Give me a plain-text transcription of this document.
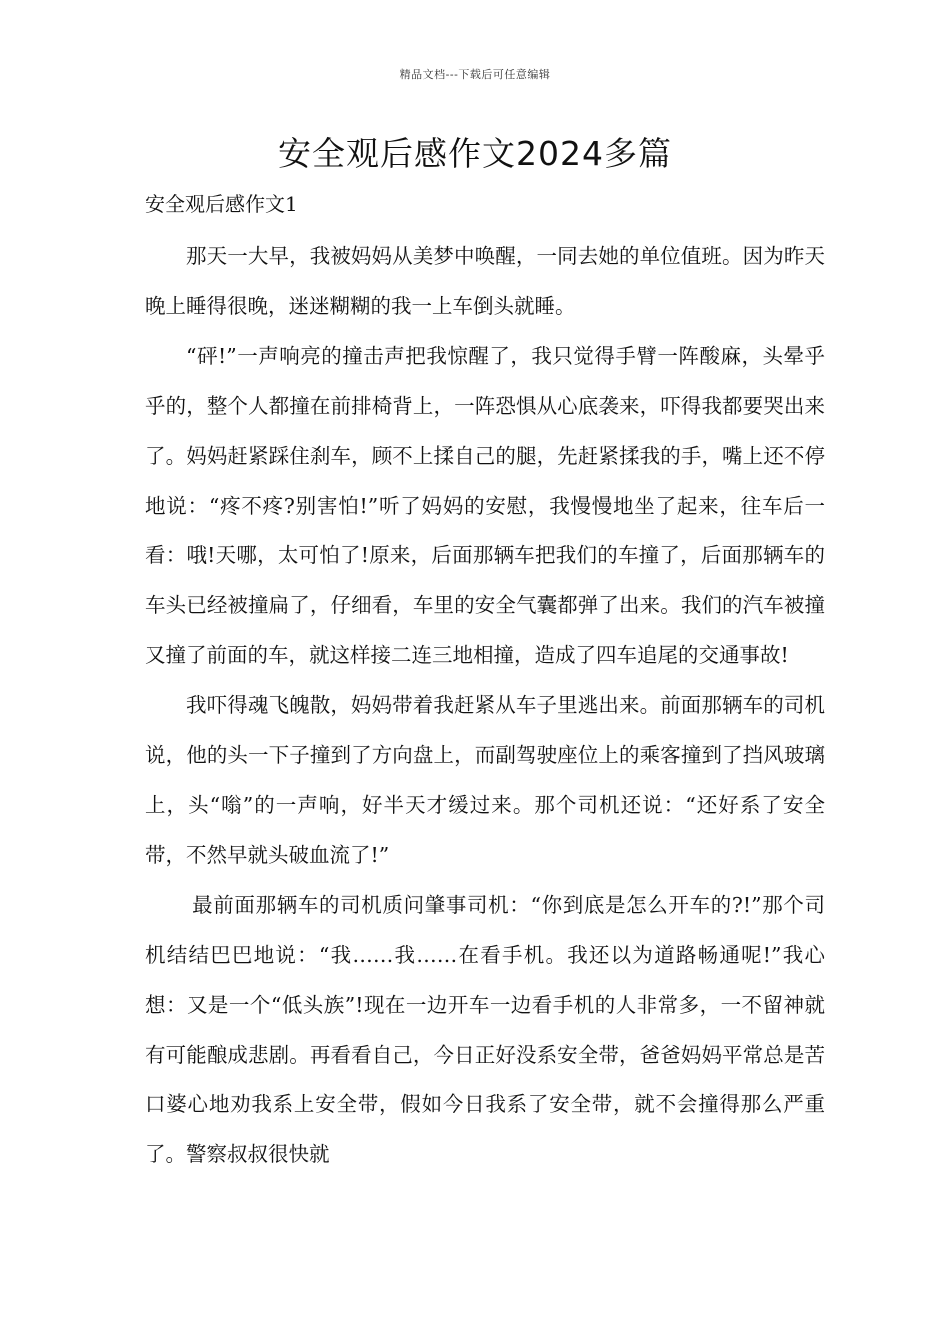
精品文档---下载后可任意编辑
安全观后感作文2024多篇
安全观后感作文1

那天一大早，我被妈妈从美梦中唤醒，一同去她的单位值班。因为昨天晚上睡得很晚，迷迷糊糊的我一上车倒头就睡。

“砰!”一声响亮的撞击声把我惊醒了，我只觉得手臂一阵酸麻，头晕乎乎的，整个人都撞在前排椅背上，一阵恐惧从心底袭来，吓得我都要哭出来了。妈妈赶紧踩住刹车，顾不上揉自己的腿，先赶紧揉我的手，嘴上还不停地说：“疼不疼?别害怕!”听了妈妈的安慰，我慢慢地坐了起来，往车后一看：哦!天哪，太可怕了!原来，后面那辆车把我们的车撞了，后面那辆车的车头已经被撞扁了，仔细看，车里的安全气囊都弹了出来。我们的汽车被撞又撞了前面的车，就这样接二连三地相撞，造成了四车追尾的交通事故!

我吓得魂飞魄散，妈妈带着我赶紧从车子里逃出来。前面那辆车的司机说，他的头一下子撞到了方向盘上，而副驾驶座位上的乘客撞到了挡风玻璃上，头“嗡”的一声响，好半天才缓过来。那个司机还说：“还好系了安全带，不然早就头破血流了!”

最前面那辆车的司机质问肇事司机：“你到底是怎么开车的?!”那个司机结结巴巴地说：“我……我……在看手机。我还以为道路畅通呢!”我心想：又是一个“低头族”!现在一边开车一边看手机的人非常多，一不留神就有可能酿成悲剧。再看看自己，今日正好没系安全带，爸爸妈妈平常总是苦口婆心地劝我系上安全带，假如今日我系了安全带，就不会撞得那么严重了。警察叔叔很快就
